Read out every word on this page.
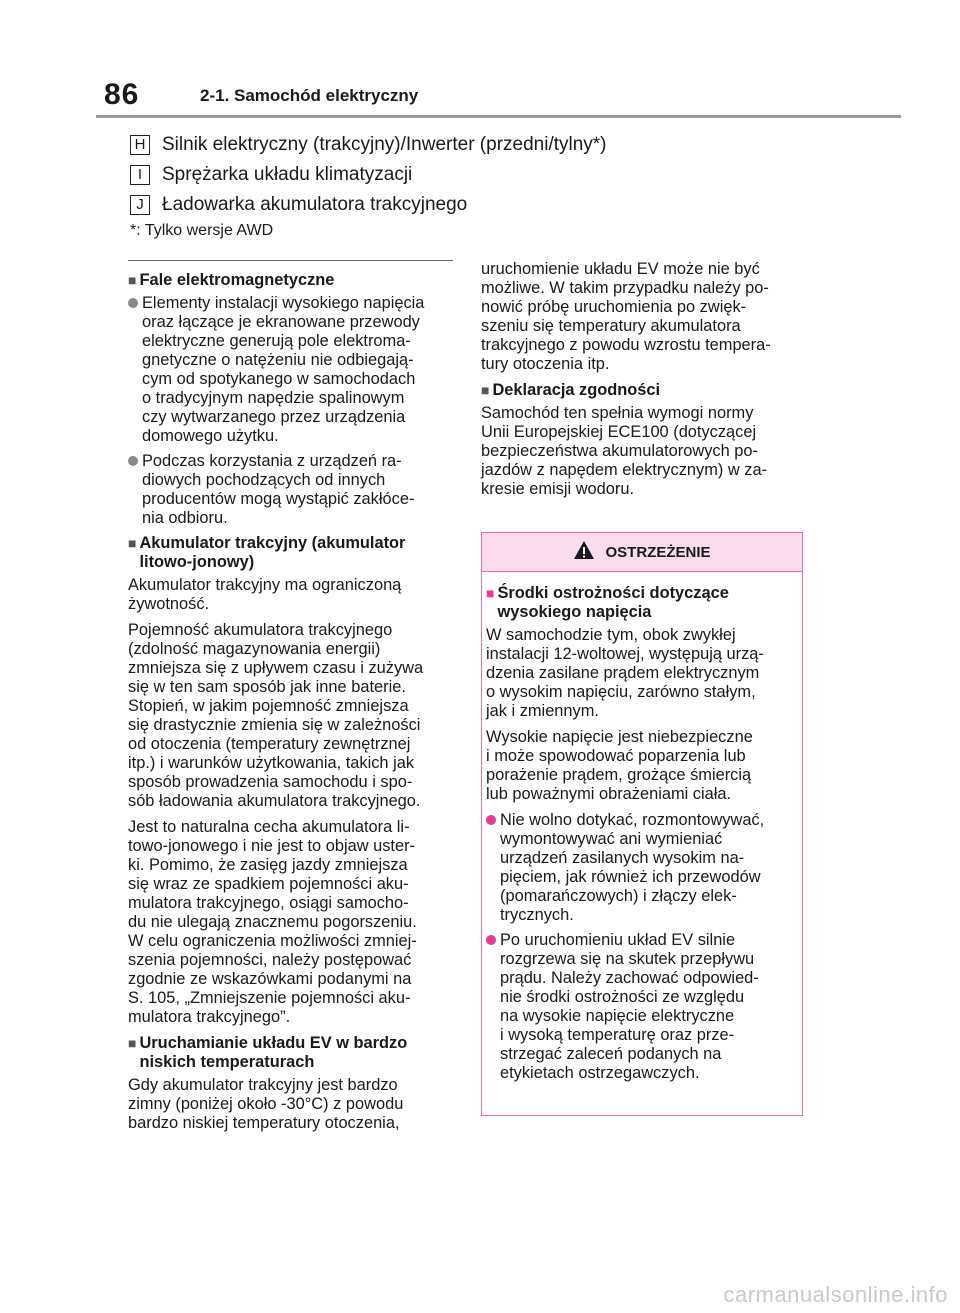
86	2-1. Samochód elektryczny
H Silnik elektryczny (trakcyjny)/Inwerter (przedni/tylny*)
I	Sprężarka układu klimatyzacji
J Ładowarka akumulatora trakcyjnego
*: Tylko wersje AWD
■ Fale elektromagnetyczne
Elementy instalacji wysokiego napięcia
oraz łączące je ekranowane przewody
elektryczne generują pole elektroma-
gnetyczne o natężeniu nie odbiegają-
cym od spotykanego w samochodach
o tradycyjnym napędzie spalinowym
czy wytwarzanego przez urządzenia
domowego użytku.
Podczas korzystania z urządzeń ra-
diowych pochodzących od innych
producentów mogą wystąpić zakłóce-
nia odbioru.
■ Akumulator trakcyjny (akumulator
litowo-jonowy)
Akumulator trakcyjny ma ograniczoną
żywotność.
Pojemność akumulatora trakcyjnego
(zdolność magazynowania energii)
zmniejsza się z upływem czasu i zużywa
się w ten sam sposób jak inne baterie.
Stopień, w jakim pojemność zmniejsza
się drastycznie zmienia się w zależności
od otoczenia (temperatury zewnętrznej
itp.) i warunków użytkowania, takich jak
sposób prowadzenia samochodu i spo-
sób ładowania akumulatora trakcyjnego.
Jest to naturalna cecha akumulatora li-
towo-jonowego i nie jest to objaw uster-
ki. Pomimo, że zasięg jazdy zmniejsza
się wraz ze spadkiem pojemności aku-
mulatora trakcyjnego, osiągi samocho-
du nie ulegają znacznemu pogorszeniu.
W celu ograniczenia możliwości zmniej-
szenia pojemności, należy postępować
zgodnie ze wskazówkami podanymi na
S. 105, „Zmniejszenie pojemności aku-
mulatora trakcyjnego”.
■ Uruchamianie układu EV w bardzo
niskich temperaturach
Gdy akumulator trakcyjny jest bardzo
zimny (poniżej około -30°C) z powodu
bardzo niskiej temperatury otoczenia,
uruchomienie układu EV może nie być
możliwe. W takim przypadku należy po-
nowić próbę uruchomienia po zwięk-
szeniu się temperatury akumulatora
trakcyjnego z powodu wzrostu tempera-
tury otoczenia itp.
■ Deklaracja zgodności
Samochód ten spełnia wymogi normy
Unii Europejskiej ECE100 (dotyczącej
bezpieczeństwa akumulatorowych po-
jazdów z napędem elektrycznym) w za-
kresie emisji wodoru.
OSTRZEŻENIE
■ Środki ostrożności dotyczące
wysokiego napięcia
W samochodzie tym, obok zwykłej
instalacji 12-woltowej, występują urzą-
dzenia zasilane prądem elektrycznym
o wysokim napięciu, zarówno stałym,
jak i zmiennym.
Wysokie napięcie jest niebezpieczne
i może spowodować poparzenia lub
porażenie prądem, grożące śmiercią
lub poważnymi obrażeniami ciała.
Nie wolno dotykać, rozmontowywać,
wymontowywać ani wymieniać
urządzeń zasilanych wysokim na-
pięciem, jak również ich przewodów
(pomarańczowych) i złączy elek-
trycznych.
Po uruchomieniu układ EV silnie
rozgrzewa się na skutek przepływu
prądu. Należy zachować odpowied-
nie środki ostrożności ze względu
na wysokie napięcie elektryczne
i wysoką temperaturę oraz prze-
strzegać zaleceń podanych na
etykietach ostrzegawczych.
carmanualsonline.info
